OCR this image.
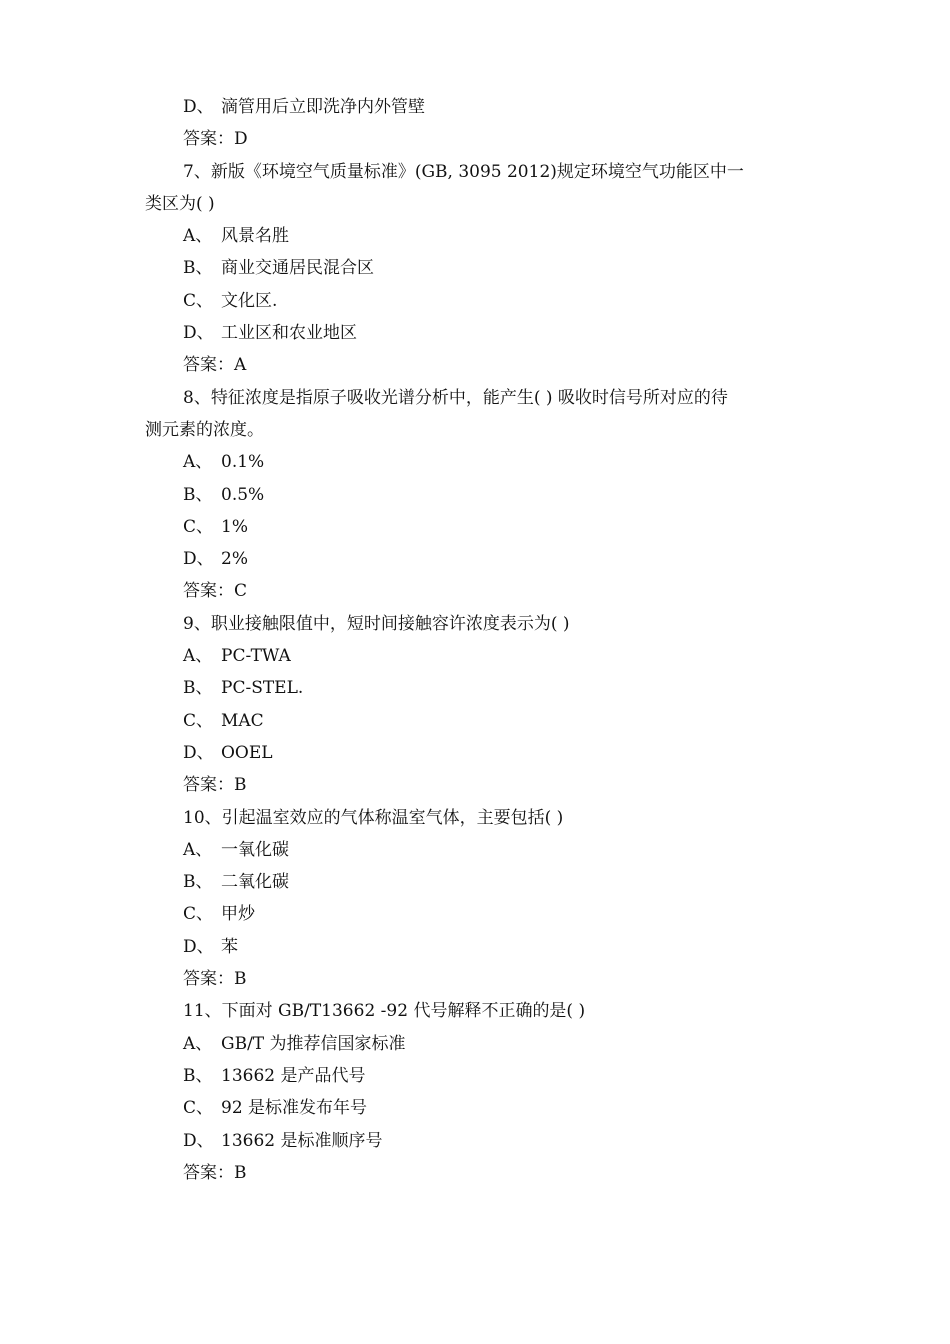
D、 滴管用后立即洗净内外管壁
答案：D
7、新版《环境空气质量标准》(GB, 3095 2012)规定环境空气功能区中一
类区为( )
A、 风景名胜
B、 商业交通居民混合区
C、 文化区.
D、 工业区和农业地区
答案：A
8、特征浓度是指原子吸收光谱分析中，能产生( ) 吸收时信号所对应的待
测元素的浓度。
A、 0.1%
B、 0.5%
C、 1%
D、 2%
答案：C
9、职业接触限值中，短时间接触容许浓度表示为( )
A、 PC-TWA
B、 PC-STEL.
C、 MAC
D、 OOEL
答案：B
10、引起温室效应的气体称温室气体，主要包括( )
A、 一氧化碳
B、 二氧化碳
C、 甲炒
D、 苯
答案：B
11、下面对 GB/T13662 -92 代号解释不正确的是( )
A、 GB/T 为推荐信国家标准
B、 13662 是产品代号
C、 92 是标准发布年号
D、 13662 是标准顺序号
答案：B
